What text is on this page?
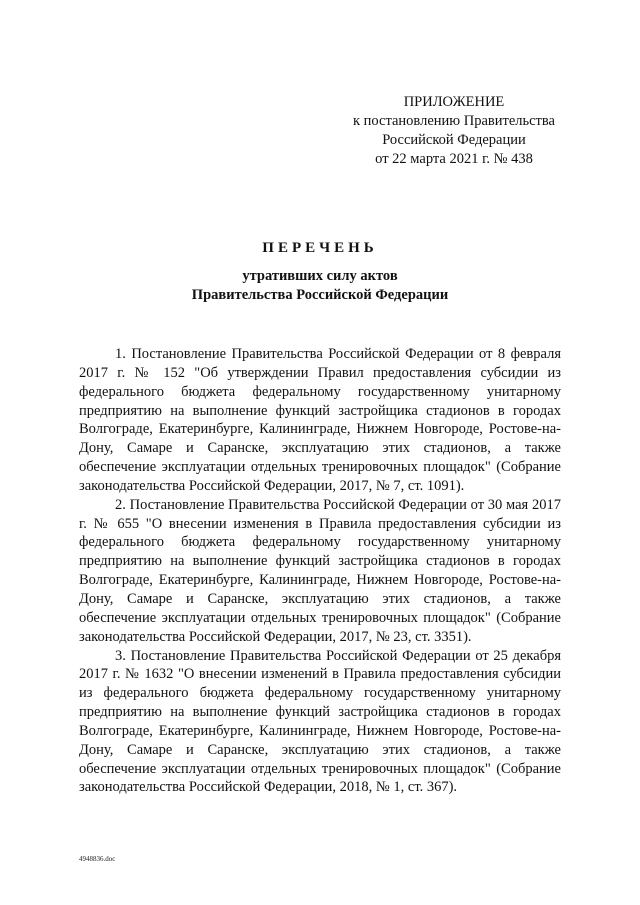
ПРИЛОЖЕНИЕ
к постановлению Правительства
Российской Федерации
от 22 марта 2021 г. № 438
ПЕРЕЧЕНЬ
утративших силу актов
Правительства Российской Федерации

1. Постановление Правительства Российской Федерации от 8 февраля 2017 г. № 152 "Об утверждении Правил предоставления субсидии из федерального бюджета федеральному государственному унитарному предприятию на выполнение функций застройщика стадионов в городах Волгограде, Екатеринбурге, Калининграде, Нижнем Новгороде, Ростове-на-Дону, Самаре и Саранске, эксплуатацию этих стадионов, а также обеспечение эксплуатации отдельных тренировочных площадок" (Собрание законодательства Российской Федерации, 2017, № 7, ст. 1091).

2. Постановление Правительства Российской Федерации от 30 мая 2017 г. № 655 "О внесении изменения в Правила предоставления субсидии из федерального бюджета федеральному государственному унитарному предприятию на выполнение функций застройщика стадионов в городах Волгограде, Екатеринбурге, Калининграде, Нижнем Новгороде, Ростове-на-Дону, Самаре и Саранске, эксплуатацию этих стадионов, а также обеспечение эксплуатации отдельных тренировочных площадок" (Собрание законодательства Российской Федерации, 2017, № 23, ст. 3351).

3. Постановление Правительства Российской Федерации от 25 декабря 2017 г. № 1632 "О внесении изменений в Правила предоставления субсидии из федерального бюджета федеральному государственному унитарному предприятию на выполнение функций застройщика стадионов в городах Волгограде, Екатеринбурге, Калининграде, Нижнем Новгороде, Ростове-на-Дону, Самаре и Саранске, эксплуатацию этих стадионов, а также обеспечение эксплуатации отдельных тренировочных площадок" (Собрание законодательства Российской Федерации, 2018, № 1, ст. 367).

4948836.doc
